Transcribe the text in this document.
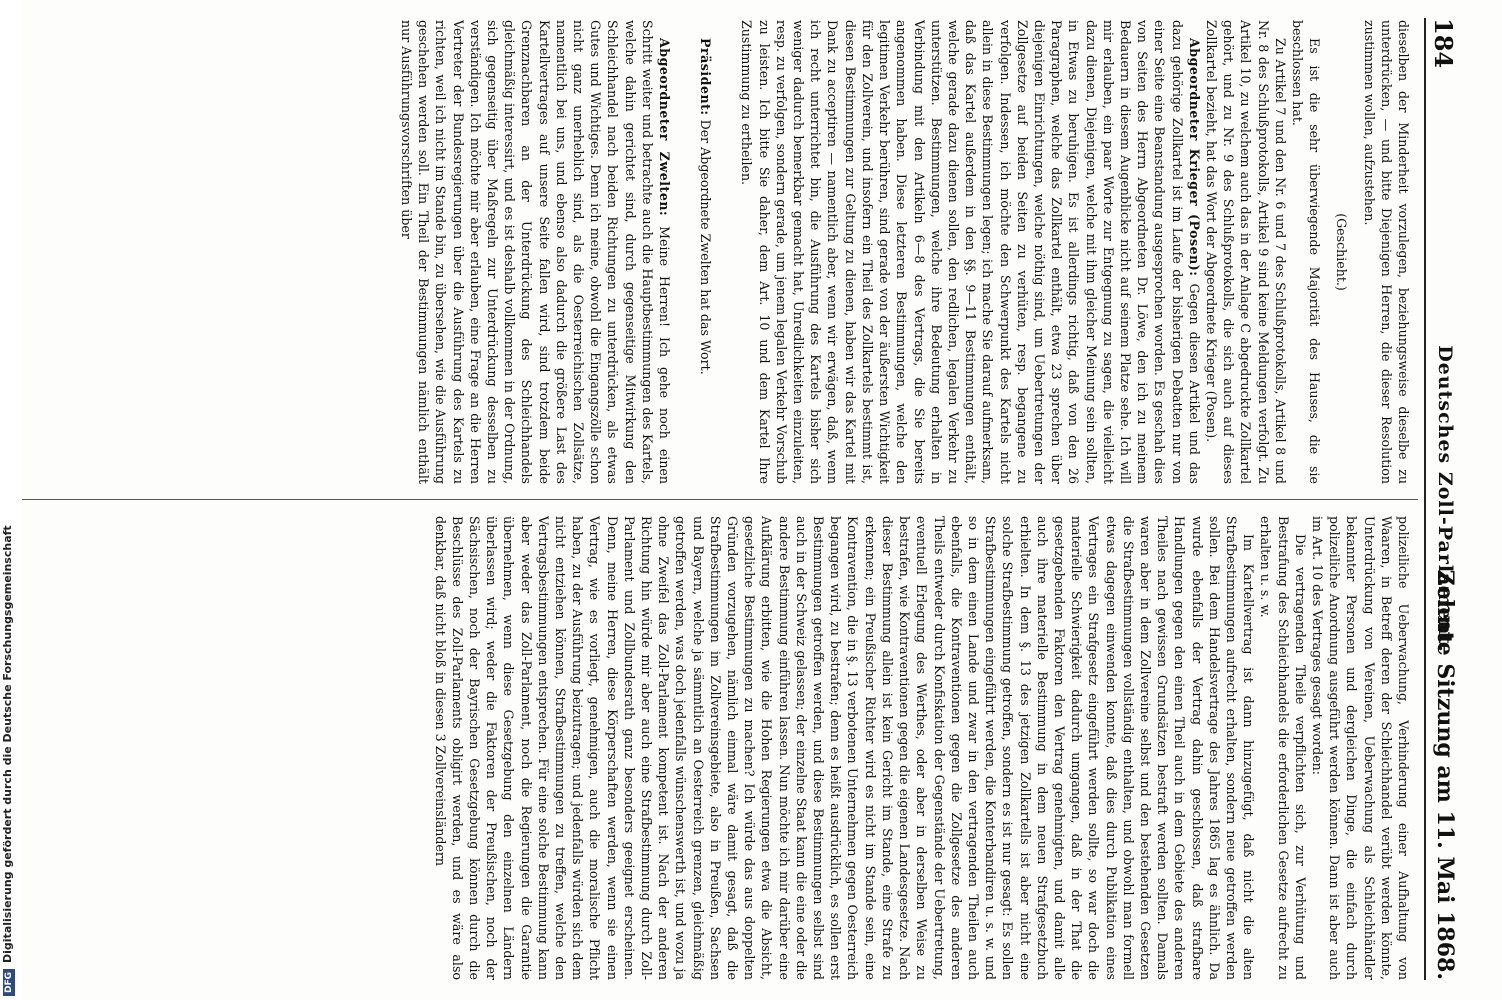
184
Deutsches Zoll-Parlament.
Zehnte Sitzung am 11. Mai 1868.

dieselben der Minderheit vorzulegen, beziehungsweise dieselbe zu unterdrücken, — und bitte Diejenigen Herren, die dieser Resolution zustimmen wollen, aufzustehen.

(Geschieht.)

Es ist die sehr überwiegende Majorität des Hauses, die sie beschlossen hat.

Zu Artikel 7 und den Nr. 6 und 7 des Schlußprotokolls, Artikel 8 und Nr. 8 des Schlußprotokolls, Artikel 9 sind keine Meldungen verfolgt. Zu Artikel 10, zu welchem auch das in der Anlage C abgedruckte Zollkartel gehört, und zu Nr. 9 des Schlußprotokolls, die sich auch auf dieses Zollkartel bezieht, hat das Wort der Abgeordnete Krieger (Posen).

Abgeordneter Krieger (Posen): Gegen diesen Artikel und das dazu gehörige Zollkartel ist im Laufe der bisherigen Debatten nur von einer Seite eine Beanstandung ausgesprochen worden. Es geschah dies von Seiten des Herrn Abgeordneten Dr. Löwe, den ich zu meinem Bedauern in diesem Augenblicke nicht auf seinem Platze sehe. Ich will mir erlauben, ein paar Worte zur Entgegnung zu sagen, die vielleicht dazu dienen, Diejenigen, welche mit ihm gleicher Meinung sein sollten, in Etwas zu beruhigen. Es ist allerdings richtig, daß von den 26 Paragraphen, welche das Zollkartel enthält, etwa 23 sprechen über diejenigen Einrichtungen, welche nöthig sind, um Uebertretungen der Zollgesetze auf beiden Seiten zu verhüten, resp. begangene zu verfolgen. Indessen, ich möchte den Schwerpunkt des Kartels nicht allein in diese Bestimmungen legen; ich mache Sie darauf aufmerksam, daß das Kartel außerdem in den §§. 9—11 Bestimmungen enthält, welche gerade dazu dienen sollen, den redlichen, legalen Verkehr zu unterstützen. Bestimmungen, welche ihre Bedeutung erhalten in Verbindung mit den Artikeln 6—8 des Vertrags, die Sie bereits angenommen haben. Diese letzteren Bestimmungen, welche den legitimen Verkehr berühren, sind gerade von der äußersten Wichtigkeit für den Zollverein, und insofern ein Theil des Zollkartels bestimmt ist, diesen Bestimmungen zur Geltung zu dienen, haben wir das Kartel mit Dank zu acceptiren — namentlich aber, wenn wir erwägen, daß, wenn ich recht unterrichtet bin, die Ausführung des Kartels bisher sich weniger dadurch bemerkbar gemacht hat, Unredlichkeiten einzuleiten, resp. zu verfolgen, sondern gerade, um jenem legalen Verkehr Vorschub zu leisten. Ich bitte Sie daher, dem Art. 10 und dem Kartel Ihre Zustimmung zu ertheilen.

Präsident: Der Abgeordnete Zwelten hat das Wort.

Abgeordneter Zwelten: Meine Herren! Ich gehe noch einen Schritt weiter und betrachte auch die Hauptbestimmungen des Kartels, welche dahin gerichtet sind, durch gegenseitige Mitwirkung den Schleichhandel nach beiden Richtungen zu unterdrücken, als etwas Gutes und Wichtiges. Denn ich meine, obwohl die Eingangszölle schon nicht ganz unerheblich sind, als die Oesterreichischen Zollsätze, namentlich bei uns, und ebenso also dadurch die größere Last des Kartellvertrages auf unsere Seite fallen wird, sind trotzdem beide Grenznachbaren an der Unterdrückung des Schleichhandels gleichmäßig interessirt, und es ist deshalb vollkommen in der Ordnung, sich gegenseitig über Maßregeln zur Unterdrückung desselben zu verständigen. Ich möchte mir aber erlauben, eine Frage an die Herren Vertreter der Bundesregierungen über die Ausführung des Kartels zu richten, weil ich nicht im Stande bin, zu übersehen, wie die Ausführung geschehen werden soll. Ein Theil der Bestimmungen nämlich enthält nur Ausführungsvorschriften über

polizeiliche Ueberwachung, Verhinderung einer Aufhaltung von Waaren, in Betreff deren der Schleichhandel verübt werden könnte, Unterdrückung von Vereinen, Ueberwachung als Schleichhändler bekannter Personen und dergleichen Dinge, die einfach durch polizeiliche Anordnung ausgeführt werden können. Dann ist aber auch im Art. 10 des Vertrages gesagt worden:

Die vertragenden Theile verpflichten sich, zur Verhütung und Bestrafung des Schleichhandels die erforderlichen Gesetze aufrecht zu erhalten u. s. w.

Im Kartellvertrag ist dann hinzugefügt, daß nicht die alten Strafbestimmungen aufrecht erhalten, sondern neue getroffen werden sollen. Bei dem Handelsvertrage des Jahres 1865 lag es ähnlich. Da wurde ebenfalls der Vertrag dahin geschlossen, daß strafbare Handlungen gegen den einen Theil auch in dem Gebiete des anderen Theiles nach gewissen Grundsätzen bestraft werden sollten. Damals waren aber in dem Zollvereine selbst und den bestehenden Gesetzen die Strafbestimmungen vollständig enthalten, und obwohl man formell etwas dagegen einwenden konnte, daß dies durch Publikation eines Vertrages ein Strafgesetz eingeführt werden sollte, so war doch die materielle Schwierigkeit dadurch umgangen, daß in der That die gesetzgebenden Faktoren den Vertrag genehmigten, und damit alle auch ihre materielle Bestimmung in dem neuen Strafgesetzbuch erhielten. In dem §. 13 des jetzigen Zollkartells ist aber nicht eine solche Strafbestimmung getroffen, sondern es ist nur gesagt: Es sollen Strafbestimmungen eingeführt werden, die Konterbandiren u. s. w. und so in dem einen Lande und zwar in den vertragenden Theilen auch ebenfalls, die Kontraventionen gegen die Zollgesetze des anderen Theils entweder durch Konfiskation der Gegenstände der Uebertretung, eventuell Erlegung des Werthes, oder aber in derselben Weise zu bestrafen, wie Kontraventionen gegen die eigenen Landesgesetze. Nach dieser Bestimmung allein ist kein Gericht im Stande, eine Strafe zu erkennen; ein Preußischer Richter wird es nicht im Stande sein, eine Kontravention, die in §. 13 verbotenen Unternehmen gegen Oesterreich begangen wird, zu bestrafen; denn es heißt ausdrücklich, es sollen erst Bestimmungen getroffen werden, und diese Bestimmungen selbst sind auch in der Schweiz gelassen; der einzelne Staat kann die eine oder die andere Bestimmung einführen lassen. Nun möchte ich mir darüber eine Aufklärung erbitten, wie die Hohen Regierungen etwa die Absicht, gesetzliche Bestimmungen zu machen? Ich würde das aus doppelten Gründen vorzugehen, nämlich einmal wäre damit gesagt, daß die Strafbestimmungen im Zollvereinsgebiete, also in Preußen, Sachsen und Bayern, welche ja sämmtlich an Oesterreich grenzen, gleichmäßig getroffen werden, was doch jedenfalls wünschenswerth ist, und wozu ja ohne Zweifel das Zoll-Parlament kompetent ist. Nach der anderen Richtung hin würde mir aber auch eine Strafbestimmung durch Zoll-Parlament und Zollbundesrath ganz besonders geeignet erscheinen. Denn, meine Herren, diese Körperschaften werden, wenn sie einen Vertrag, wie es vorliegt, genehmigen, auch die moralische Pflicht haben, zu der Ausführung beizutragen; und jedenfalls würden sich dem nicht entziehen können, Strafbestimmungen zu treffen, welche den Vertragsbestimmungen entsprechen. Für eine solche Bestimmung kann aber weder das Zoll-Parlament, noch die Regierungen die Garantie übernehmen, wenn diese Gesetzgebung den einzelnen Ländern überlassen wird; weder die Faktoren der Preußischen, noch der Sächsischen, noch der Bayrischen Gesetzgebung können durch die Beschlüsse des Zoll-Parlaments obligirt werden, und es wäre also denkbar, daß nicht bloß in diesen 3 Zollvereinsländern

DFGDigitalisierung gefördert durch die Deutsche Forschungsgemeinschaft
